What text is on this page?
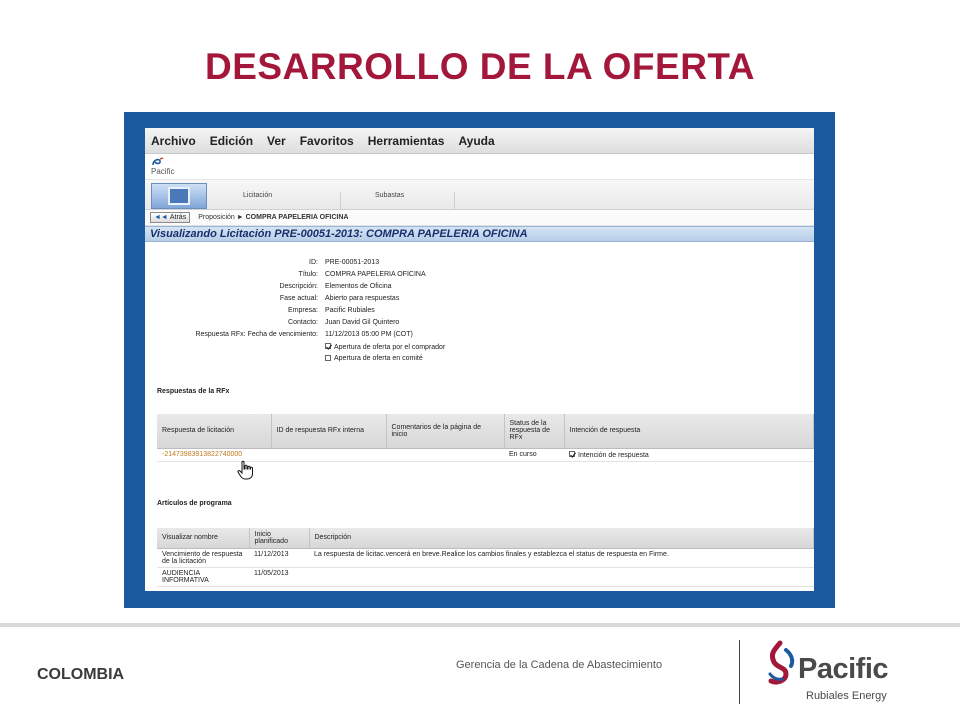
DESARROLLO DE LA OFERTA
Archivo Edición Ver Favoritos Herramientas Ayuda
Pacific
Licitación	Subastas
◄◄ Atrás Proposición ► COMPRA PAPELERIA OFICINA
Visualizando Licitación PRE-00051-2013: COMPRA PAPELERIA OFICINA
ID: PRE-00051-2013
Título: COMPRA PAPELERIA OFICINA
Descripción: Elementos de Oficina
Fase actual: Abierto para respuestas
Empresa: Pacific Rubiales
Contacto: Juan David Gil Quintero
Respuesta RFx: Fecha de vencimiento: 11/12/2013 05:00 PM (COT)
Apertura de oferta por el comprador
Apertura de oferta en comité
Respuestas de la RFx
Respuesta de licitación	ID de respuesta RFx interna	Comentarios de la página de inicio	Status de la respuesta de RFx	Intención de respuesta
-21473983913822740000			En curso	Intención de respuesta
Artículos de programa
Visualizar nombre	Inicio planificado	Descripción
Vencimiento de respuesta de la licitación	11/12/2013	La respuesta de licitac.vencerá en breve.Realice los cambios finales y establezca el status de respuesta en Firme.
AUDIENCIA INFORMATIVA	11/05/2013	
COLOMBIA
Gerencia de la Cadena de Abastecimiento	Pacific
Rubiales Energy
